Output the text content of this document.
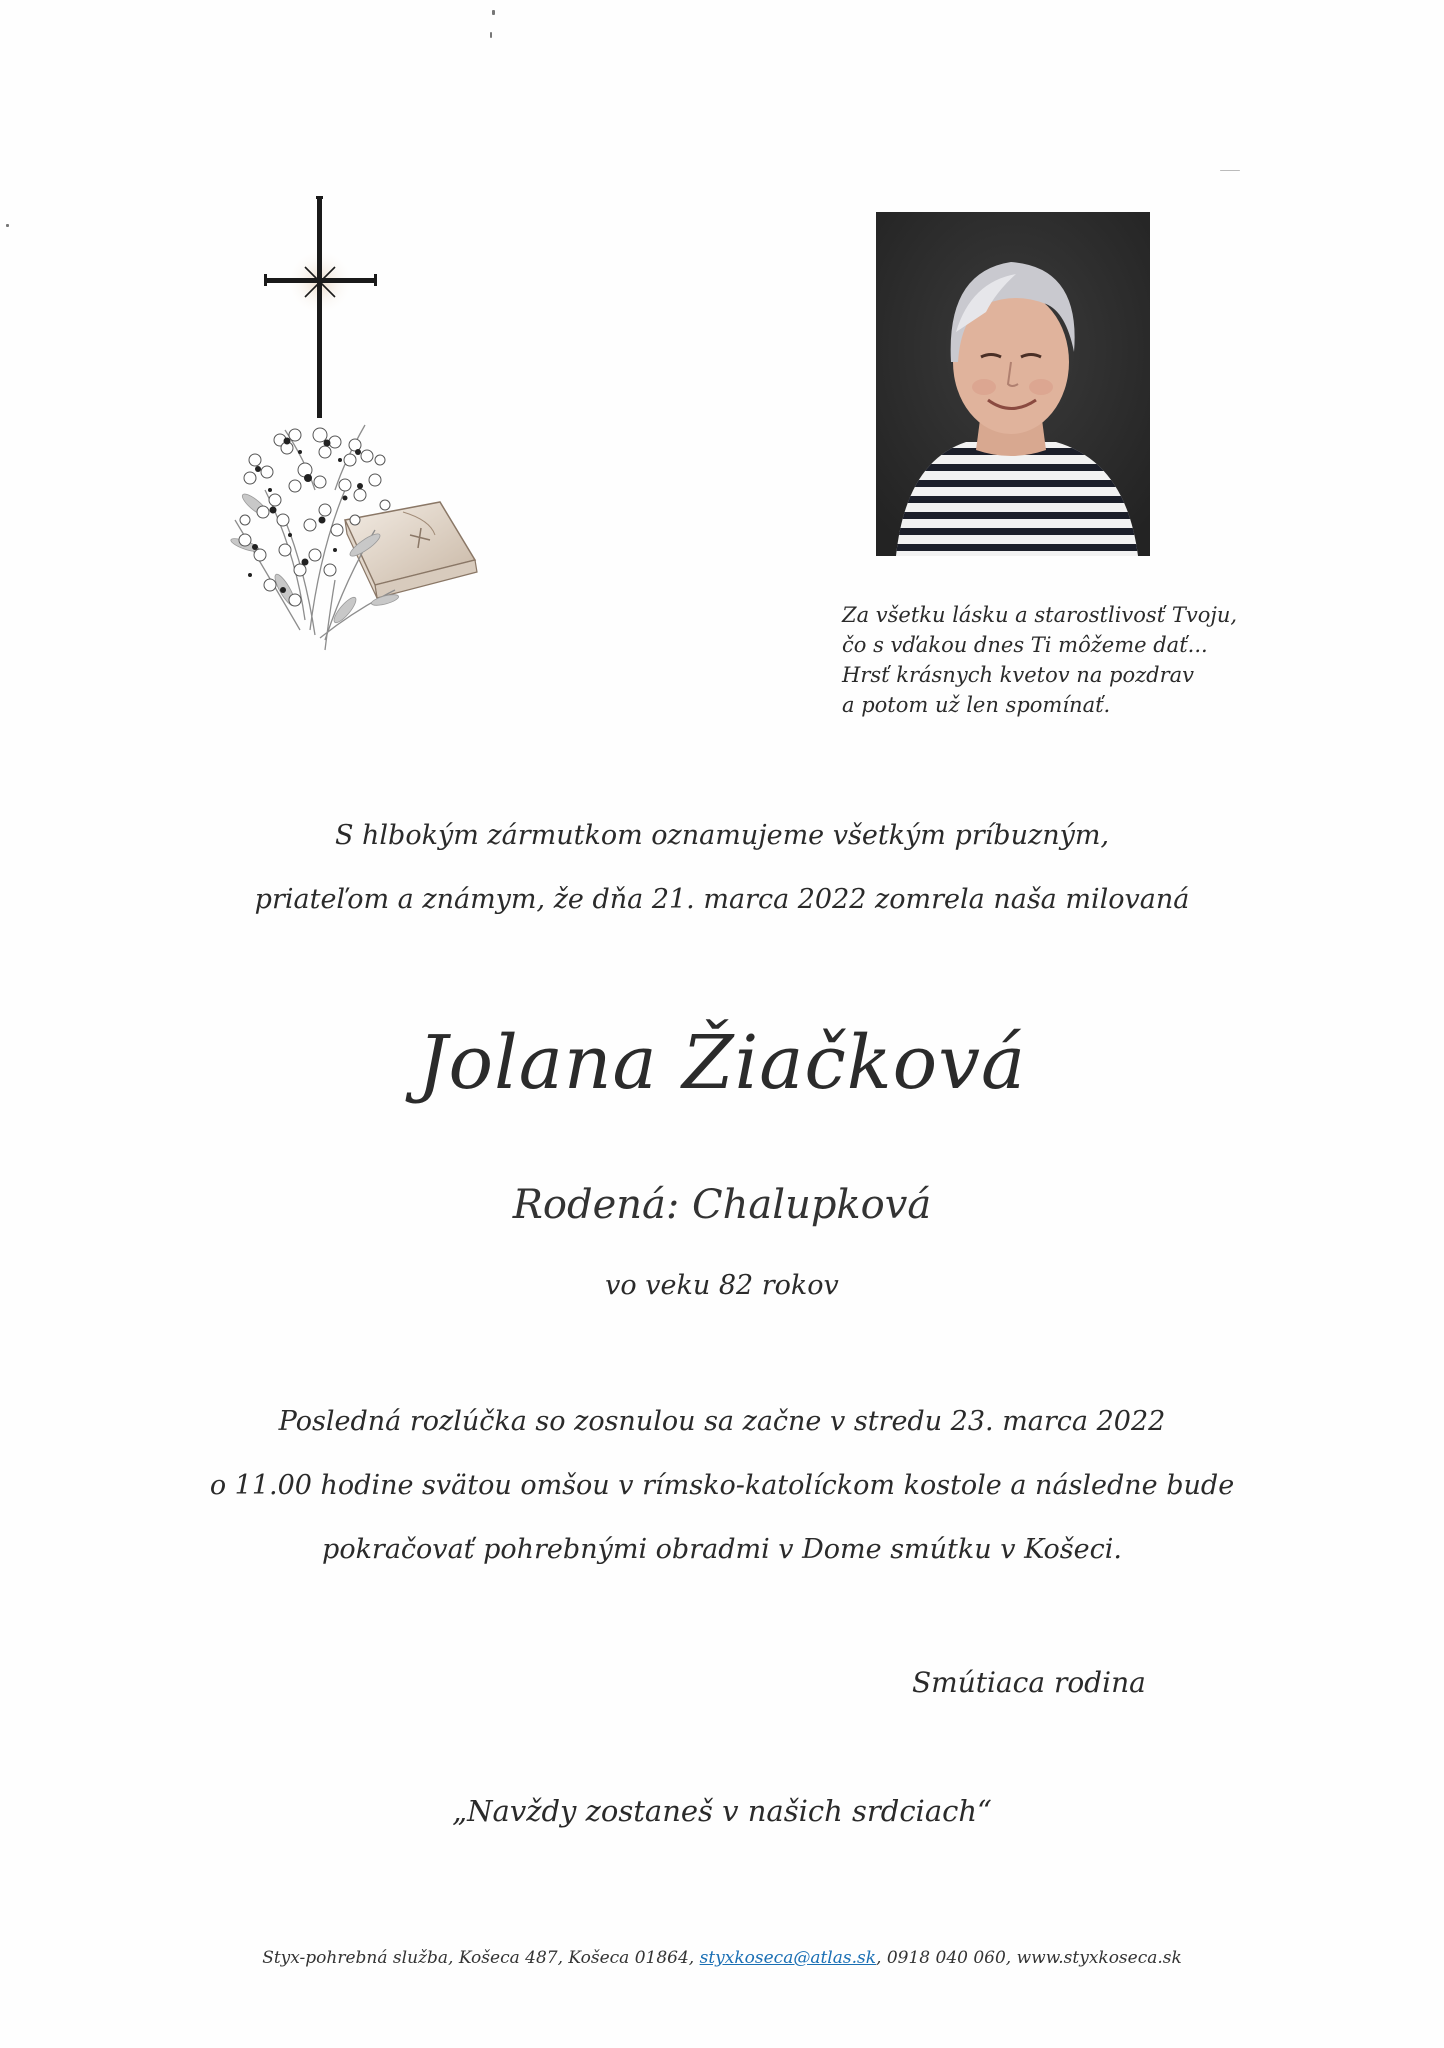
Za všetku lásku a starostlivosť Tvoju,
čo s vďakou dnes Ti môžeme dať...
Hrsť krásnych kvetov na pozdrav
a potom už len spomínať.
S hlbokým zármutkom oznamujeme všetkým príbuzným,
priateľom a známym, že dňa 21. marca 2022 zomrela naša milovaná
Jolana Žiačková
Rodená: Chalupková
vo veku 82 rokov
Posledná rozlúčka so zosnulou sa začne v stredu 23. marca 2022
o 11.00 hodine svätou omšou v rímsko-katolíckom kostole a následne bude
pokračovať pohrebnými obradmi v Dome smútku v Košeci.
Smútiaca rodina
„Navždy zostaneš v našich srdciach“
Styx-pohrebná služba, Košeca 487, Košeca 01864, styxkoseca@atlas.sk, 0918 040 060, www.styxkoseca.sk
